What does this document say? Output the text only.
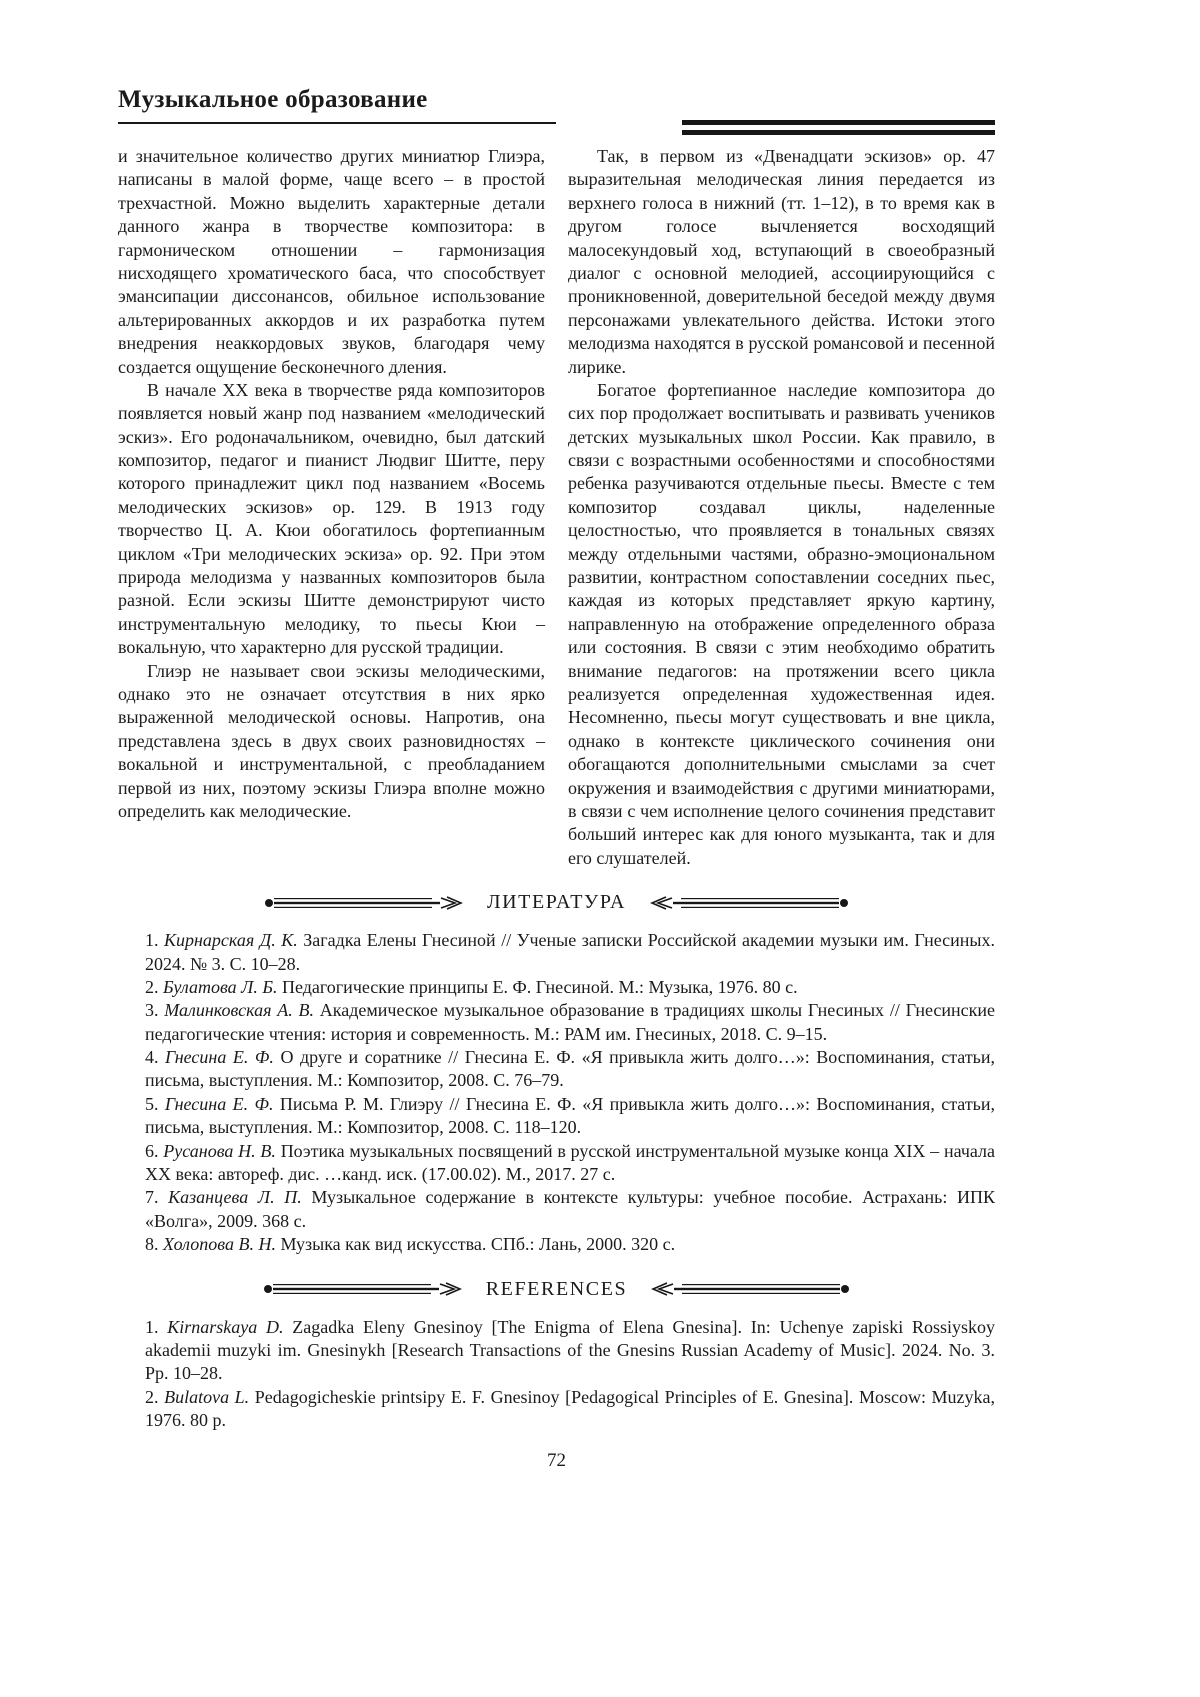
Музыкальное образование

и значительное количество других миниатюр Глиэра, написаны в малой форме, чаще всего – в простой трехчастной. Можно выделить характерные детали данного жанра в творчестве композитора: в гармоническом отношении – гармонизация нисходящего хроматического баса, что способствует эмансипации диссонансов, обильное использование альтерированных аккордов и их разработка путем внедрения неаккордовых звуков, благодаря чему создается ощущение бесконечного дления.

В начале XX века в творчестве ряда композиторов появляется новый жанр под названием «мелодический эскиз». Его родоначальником, очевидно, был датский композитор, педагог и пианист Людвиг Шитте, перу которого принадлежит цикл под названием «Восемь мелодических эскизов» ор. 129. В 1913 году творчество Ц. А. Кюи обогатилось фортепианным циклом «Три мелодических эскиза» ор. 92. При этом природа мелодизма у названных композиторов была разной. Если эскизы Шитте демонстрируют чисто инструментальную мелодику, то пьесы Кюи – вокальную, что характерно для русской традиции.

Глиэр не называет свои эскизы мелодическими, однако это не означает отсутствия в них ярко выраженной мелодической основы. Напротив, она представлена здесь в двух своих разновидностях – вокальной и инструментальной, с преобладанием первой из них, поэтому эскизы Глиэра вполне можно определить как мелодические.

Так, в первом из «Двенадцати эскизов» ор. 47 выразительная мелодическая линия передается из верхнего голоса в нижний (тт. 1–12), в то время как в другом голосе вычленяется восходящий малосекундовый ход, вступающий в своеобразный диалог с основной мелодией, ассоциирующийся с проникновенной, доверительной беседой между двумя персонажами увлекательного действа. Истоки этого мелодизма находятся в русской романсовой и песенной лирике.

Богатое фортепианное наследие композитора до сих пор продолжает воспитывать и развивать учеников детских музыкальных школ России. Как правило, в связи с возрастными особенностями и способностями ребенка разучиваются отдельные пьесы. Вместе с тем композитор создавал циклы, наделенные целостностью, что проявляется в тональных связях между отдельными частями, образно-эмоциональном развитии, контрастном сопоставлении соседних пьес, каждая из которых представляет яркую картину, направленную на отображение определенного образа или состояния. В связи с этим необходимо обратить внимание педагогов: на протяжении всего цикла реализуется определенная художественная идея. Несомненно, пьесы могут существовать и вне цикла, однако в контексте циклического сочинения они обогащаются дополнительными смыслами за счет окружения и взаимодействия с другими миниатюрами, в связи с чем исполнение целого сочинения представит больший интерес как для юного музыканта, так и для его слушателей.

ЛИТЕРАТУРА
1. Кирнарская Д. К. Загадка Елены Гнесиной // Ученые записки Российской академии музыки им. Гнесиных. 2024. № 3. С. 10–28.
2. Булатова Л. Б. Педагогические принципы Е. Ф. Гнесиной. М.: Музыка, 1976. 80 с.
3. Малинковская А. В. Академическое музыкальное образование в традициях школы Гнесиных // Гнесинские педагогические чтения: история и современность. М.: РАМ им. Гнесиных, 2018. С. 9–15.
4. Гнесина Е. Ф. О друге и соратнике // Гнесина Е. Ф. «Я привыкла жить долго…»: Воспоминания, статьи, письма, выступления. М.: Композитор, 2008. С. 76–79.
5. Гнесина Е. Ф. Письма Р. М. Глиэру // Гнесина Е. Ф. «Я привыкла жить долго…»: Воспоминания, статьи, письма, выступления. М.: Композитор, 2008. С. 118–120.
6. Русанова Н. В. Поэтика музыкальных посвящений в русской инструментальной музыке конца XIX – начала XX века: автореф. дис. …канд. иск. (17.00.02). М., 2017. 27 с.
7. Казанцева Л. П. Музыкальное содержание в контексте культуры: учебное пособие. Астрахань: ИПК «Волга», 2009. 368 с.
8. Холопова В. Н. Музыка как вид искусства. СПб.: Лань, 2000. 320 с.
REFERENCES
1. Kirnarskaya D. Zagadka Eleny Gnesinoy [The Enigma of Elena Gnesina]. In: Uchenye zapiski Rossiyskoy akademii muzyki im. Gnesinykh [Research Transactions of the Gnesins Russian Academy of Music]. 2024. No. 3. Pp. 10–28.
2. Bulatova L. Pedagogicheskie printsipy E. F. Gnesinoy [Pedagogical Principles of E. Gnesina]. Moscow: Muzyka, 1976. 80 p.
72
